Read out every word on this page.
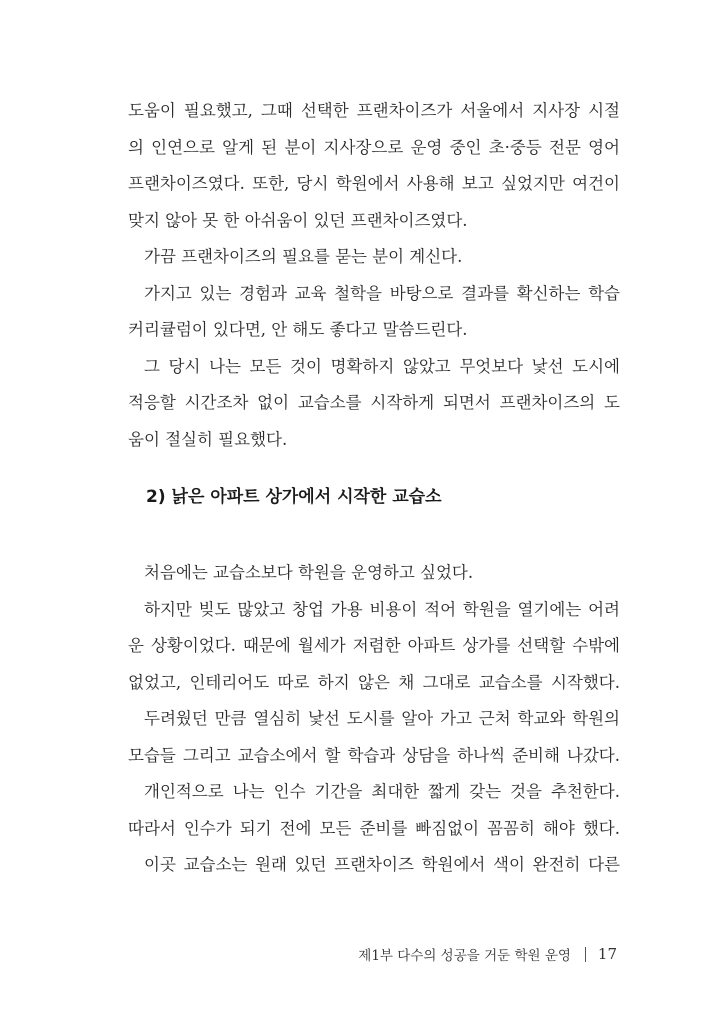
도움이 필요했고, 그때 선택한 프랜차이즈가 서울에서 지사장 시절
의 인연으로 알게 된 분이 지사장으로 운영 중인 초·중등 전문 영어
프랜차이즈였다. 또한, 당시 학원에서 사용해 보고 싶었지만 여건이
맞지 않아 못 한 아쉬움이 있던 프랜차이즈였다.
가끔 프랜차이즈의 필요를 묻는 분이 계신다.
가지고 있는 경험과 교육 철학을 바탕으로 결과를 확신하는 학습
커리큘럼이 있다면, 안 해도 좋다고 말씀드린다.
그 당시 나는 모든 것이 명확하지 않았고 무엇보다 낯선 도시에
적응할 시간조차 없이 교습소를 시작하게 되면서 프랜차이즈의 도
움이 절실히 필요했다.
2) 낡은 아파트 상가에서 시작한 교습소
처음에는 교습소보다 학원을 운영하고 싶었다.
하지만 빚도 많았고 창업 가용 비용이 적어 학원을 열기에는 어려
운 상황이었다. 때문에 월세가 저렴한 아파트 상가를 선택할 수밖에
없었고, 인테리어도 따로 하지 않은 채 그대로 교습소를 시작했다.
두려웠던 만큼 열심히 낯선 도시를 알아 가고 근처 학교와 학원의
모습들 그리고 교습소에서 할 학습과 상담을 하나씩 준비해 나갔다.
개인적으로 나는 인수 기간을 최대한 짧게 갖는 것을 추천한다.
따라서 인수가 되기 전에 모든 준비를 빠짐없이 꼼꼼히 해야 했다.
이곳 교습소는 원래 있던 프랜차이즈 학원에서 색이 완전히 다른
제1부 다수의 성공을 거둔 학원 운영 17
